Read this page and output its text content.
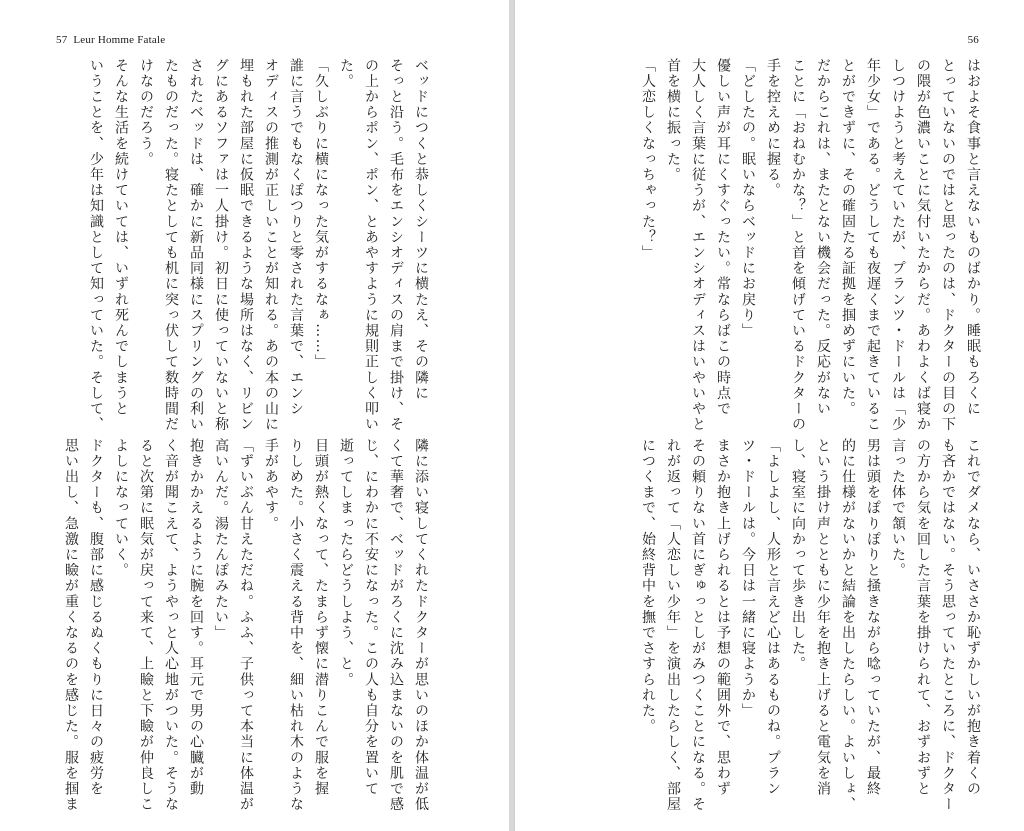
57 Leur Homme Fatale

ベッドにつくと恭しくシーツに横たえ、その隣に

そっと沿う。毛布をエンシオディスの肩まで掛け、そ

の上からポン、ポン、とあやすように規則正しく叩い

た。

「久しぶりに横になった気がするなぁ……」

誰に言うでもなくぽつりと零された言葉で、エンシ

オディスの推測が正しいことが知れる。あの本の山に

埋もれた部屋に仮眠できるような場所はなく、リビン

グにあるソファは一人掛け。初日に使っていないと称

されたベッドは、確かに新品同様にスプリングの利い

たものだった。寝たとしても机に突っ伏して数時間だ

けなのだろう。

そんな生活を続けていては、いずれ死んでしまうと

いうことを、少年は知識として知っていた。そして、

隣に添い寝してくれたドクターが思いのほか体温が低

くて華奢で、ベッドがろくに沈み込まないのを肌で感

じ、にわかに不安になった。この人も自分を置いて

逝ってしまったらどうしよう、と。

目頭が熱くなって、たまらず懐に潜りこんで服を握

りしめた。小さく震える背中を、細い枯れ木のような

手があやす。

「ずいぶん甘えただね。ふふ、子供って本当に体温が

高いんだ。湯たんぽみたい」

抱きかかえるように腕を回す。耳元で男の心臓が動

く音が聞こえて、ようやっと人心地がついた。そうな

ると次第に眠気が戻って来て、上瞼と下瞼が仲良しこ

よしになっていく。

ドクターも、腹部に感じるぬくもりに日々の疲労を

思い出し、急激に瞼が重くなるのを感じた。服を掴ま

56

はおよそ食事と言えないものばかり。睡眠もろくに

とっていないのではと思ったのは、ドクターの目の下

の隈が色濃いことに気付いたからだ。あわよくば寝か

しつけようと考えていたが、プランツ・ドールは「少

年少女」である。どうしても夜遅くまで起きているこ

とができずに、その確固たる証拠を掴めずにいた。

だからこれは、またとない機会だった。反応がない

ことに「おねむかな？」と首を傾げているドクターの

手を控えめに握る。

「どしたの。眠いならベッドにお戻り」

優しい声が耳にくすぐったい。常ならばこの時点で

大人しく言葉に従うが、エンシオディスはいやいやと

首を横に振った。

「人恋しくなっちゃった？」

これでダメなら、いささか恥ずかしいが抱き着くの

も吝かではない。そう思っていたところに、ドクター

の方から気を回した言葉を掛けられて、おずおずと

言った体で頷いた。

男は頭をぽりぽりと掻きながら唸っていたが、最終

的に仕様がないかと結論を出したらしい。よいしょ、

という掛け声とともに少年を抱き上げると電気を消

し、寝室に向かって歩き出した。

「よしよし、人形と言えど心はあるものね。プラン

ツ・ドールは。今日は一緒に寝ようか」

まさか抱き上げられるとは予想の範囲外で、思わず

その頼りない首にぎゅっとしがみつくことになる。そ

れが返って「人恋しい少年」を演出したらしく、部屋

につくまで、始終背中を撫でさすられた。
